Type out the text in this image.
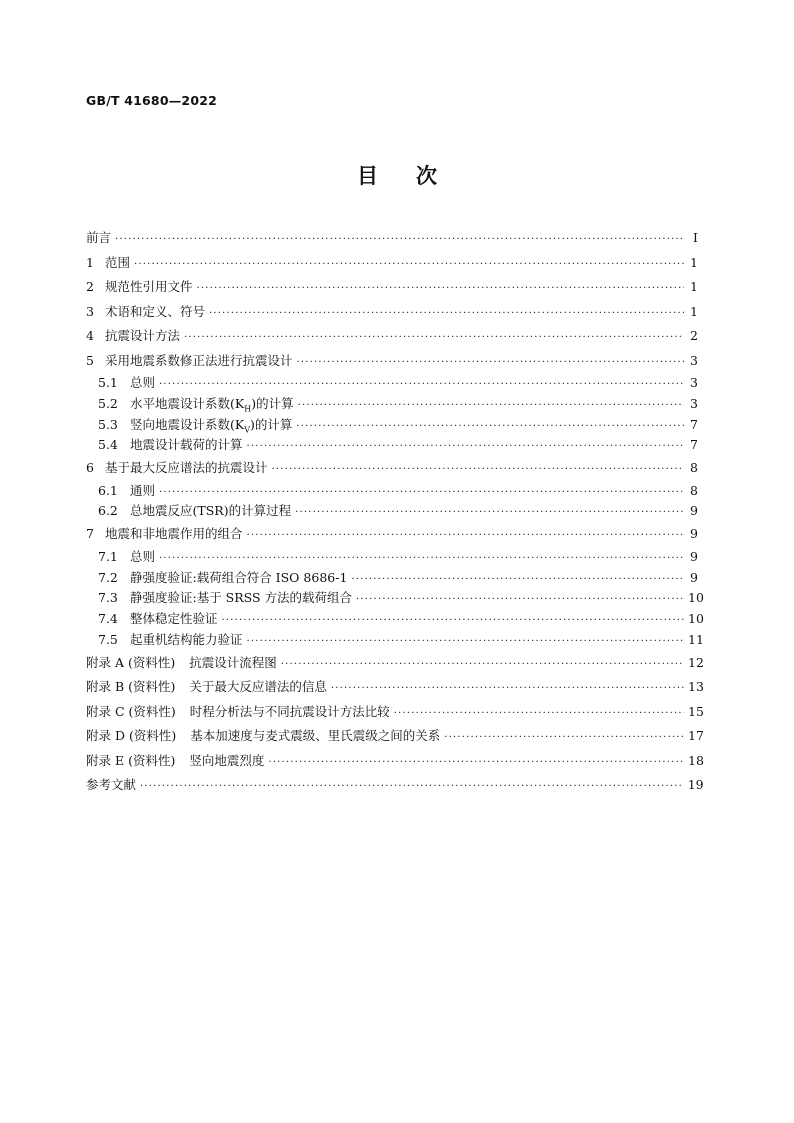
GB/T 41680—2022
目 次
前言 ·····	Ⅰ
1 范围 ·····	1
2 规范性引用文件 ·····	1
3 术语和定义、符号 ·····	1
4 抗震设计方法 ·····	2
5 采用地震系数修正法进行抗震设计 ·····	3
5.1 总则 ·····	3
5.2 水平地震设计系数$(K_H)$的计算 ·····	3
5.3 竖向地震设计系数$(K_V)$的计算 ·····	7
5.4 地震设计载荷的计算 ·····	7
6 基于最大反应谱法的抗震设计 ·····	8
6.1 通则 ·····	8
6.2 总地震反应(TSR)的计算过程 ·····	9
7 地震和非地震作用的组合 ·····	9
7.1 总则 ·····	9
7.2 静强度验证:载荷组合符合 ISO 8686-1 ·····	9
7.3 静强度验证:基于 SRSS 方法的载荷组合 ·····	10
7.4 整体稳定性验证 ·····	10
7.5 起重机结构能力验证 ·····	11
附录 A (资料性)	抗震设计流程图 ·····	12
附录 B (资料性)	关于最大反应谱法的信息 ·····	13
附录 C (资料性)	时程分析法与不同抗震设计方法比较 ·····	15
附录 D (资料性)	基本加速度与麦式震级、里氏震级之间的关系 ·····	17
附录 E (资料性)	竖向地震烈度 ·····	18
参考文献 ·····	19
